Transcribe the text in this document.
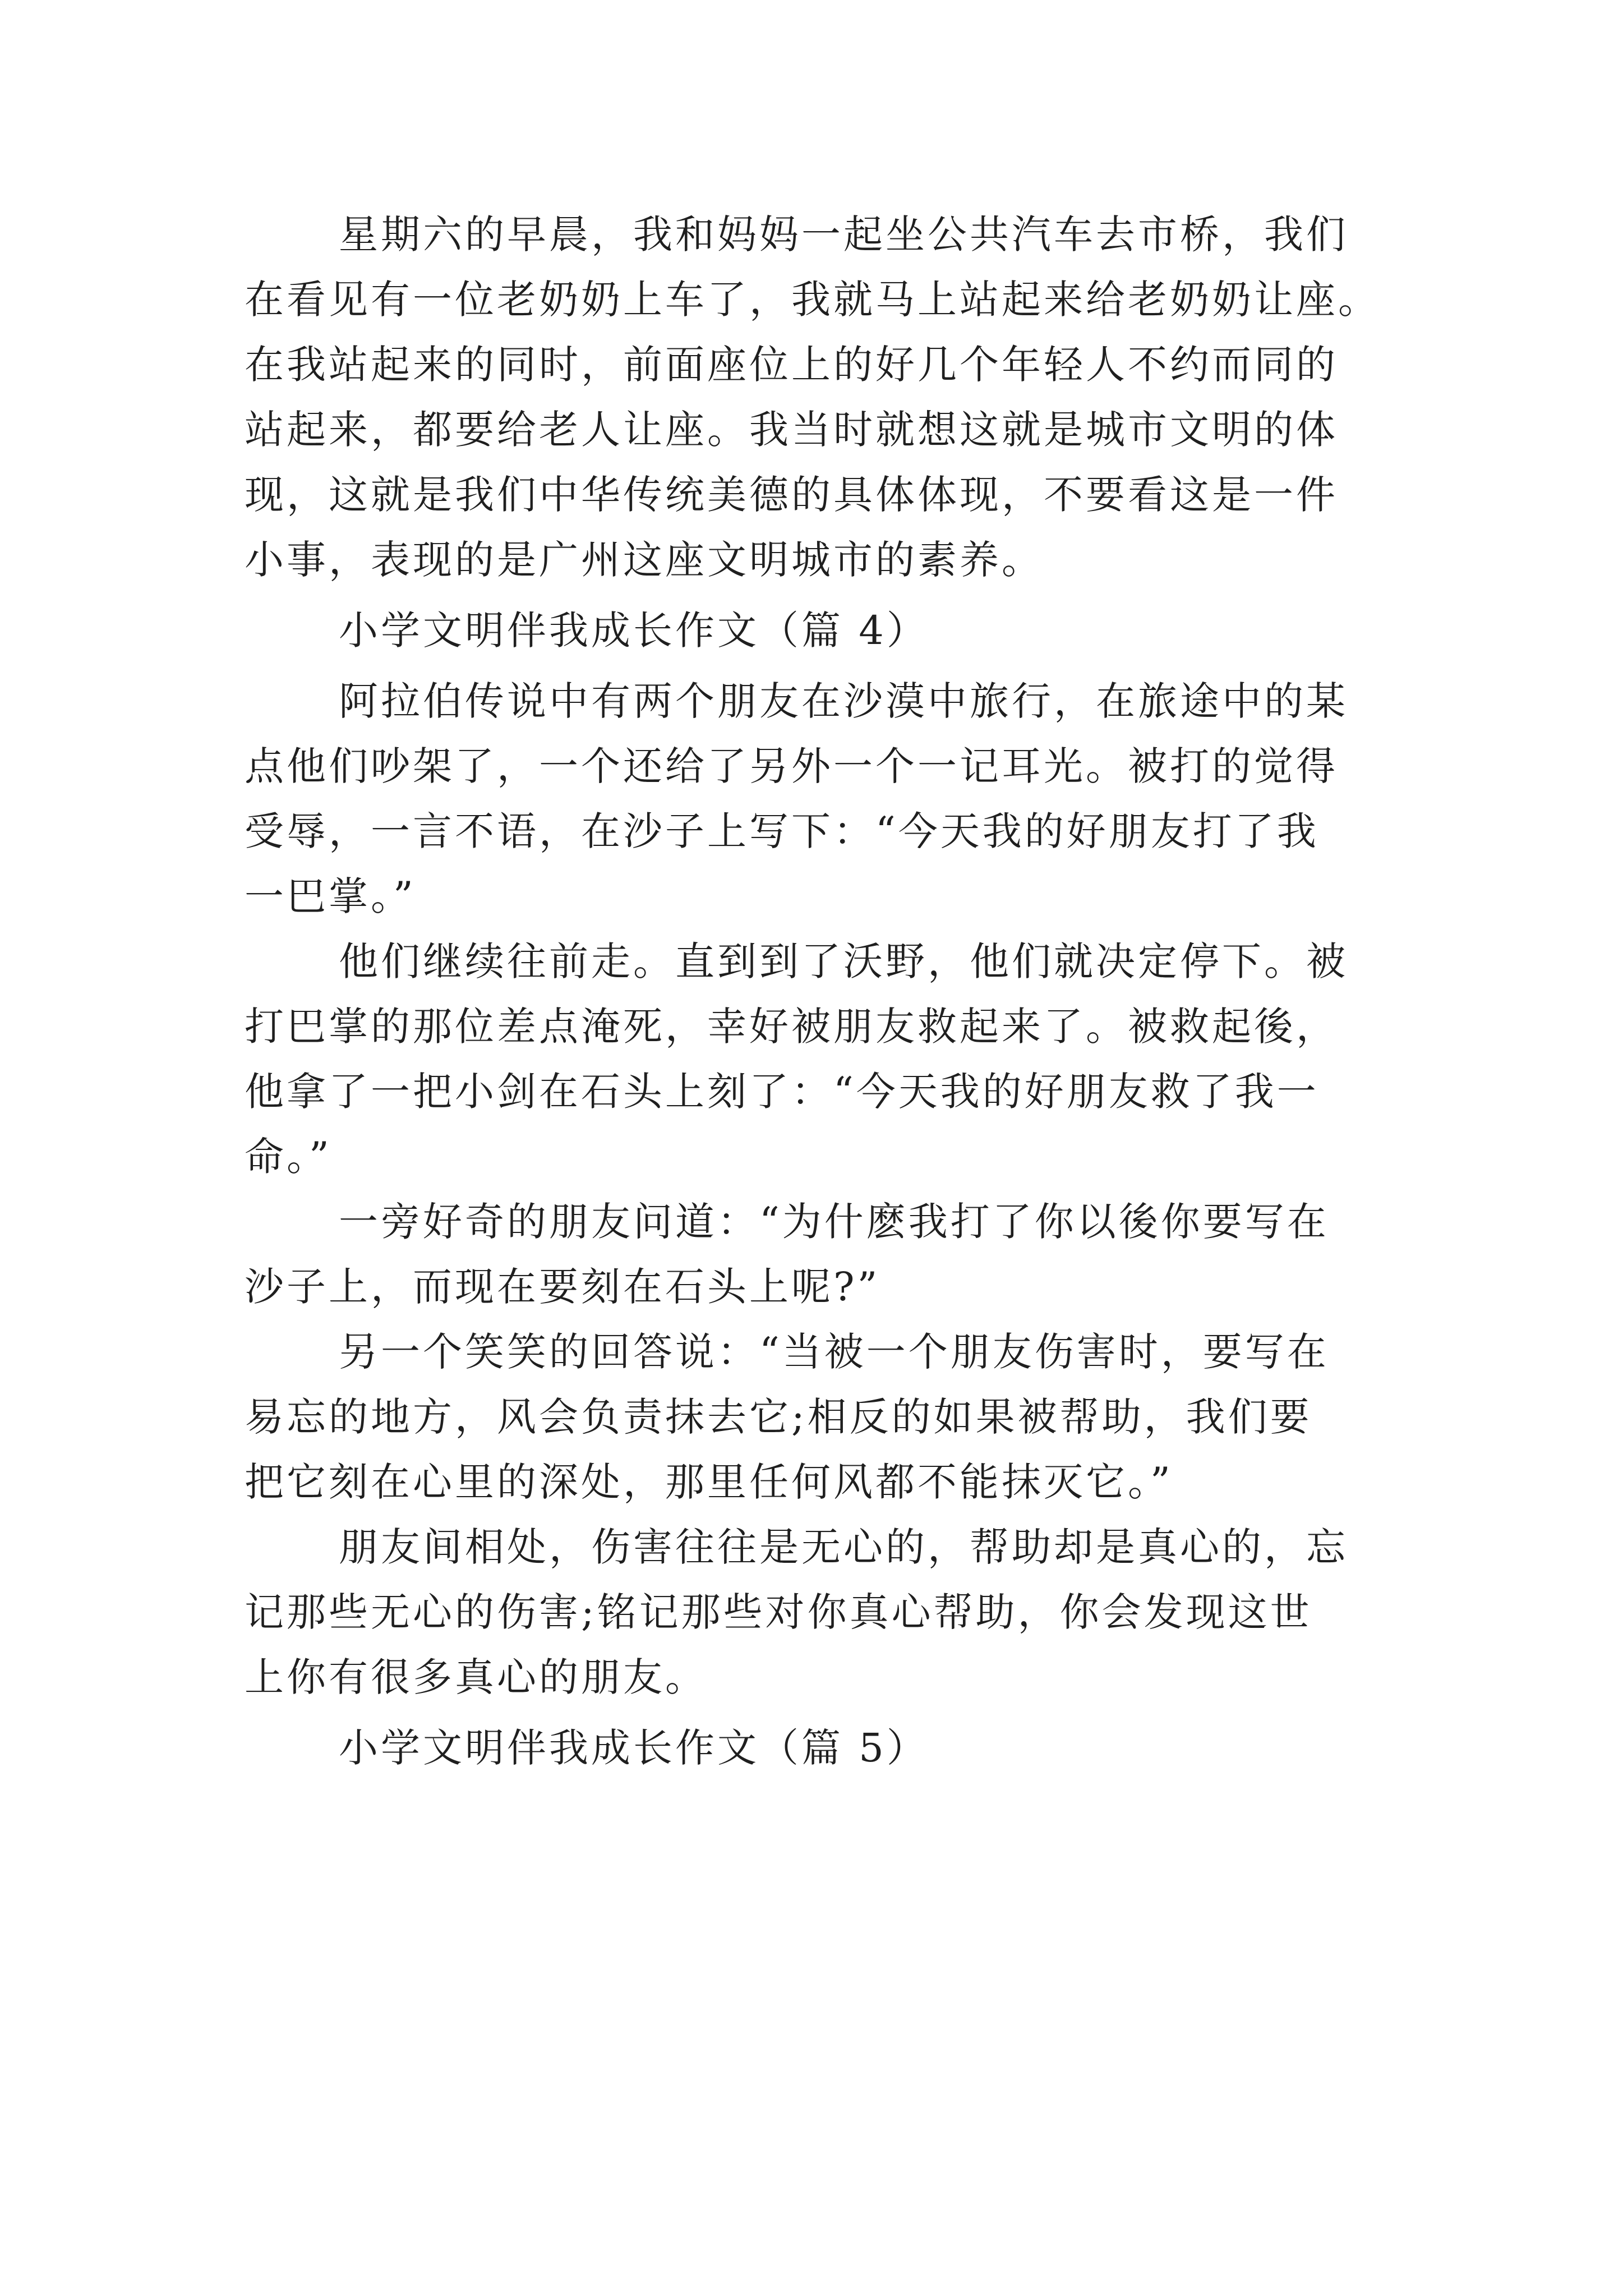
星期六的早晨，我和妈妈一起坐公共汽车去市桥，我们
在看见有一位老奶奶上车了，我就马上站起来给老奶奶让座。
在我站起来的同时，前面座位上的好几个年轻人不约而同的
站起来，都要给老人让座。我当时就想这就是城市文明的体
现，这就是我们中华传统美德的具体体现，不要看这是一件
小事，表现的是广州这座文明城市的素养。
小学文明伴我成长作文（篇 4）
阿拉伯传说中有两个朋友在沙漠中旅行，在旅途中的某
点他们吵架了，一个还给了另外一个一记耳光。被打的觉得
受辱，一言不语，在沙子上写下：“今天我的好朋友打了我
一巴掌。”
他们继续往前走。直到到了沃野，他们就决定停下。被
打巴掌的那位差点淹死，幸好被朋友救起来了。被救起後，
他拿了一把小剑在石头上刻了：“今天我的好朋友救了我一
命。”
一旁好奇的朋友问道：“为什麽我打了你以後你要写在
沙子上，而现在要刻在石头上呢?”
另一个笑笑的回答说：“当被一个朋友伤害时，要写在
易忘的地方，风会负责抹去它;相反的如果被帮助，我们要
把它刻在心里的深处，那里任何风都不能抹灭它。”
朋友间相处，伤害往往是无心的，帮助却是真心的，忘
记那些无心的伤害;铭记那些对你真心帮助，你会发现这世
上你有很多真心的朋友。
小学文明伴我成长作文（篇 5）
